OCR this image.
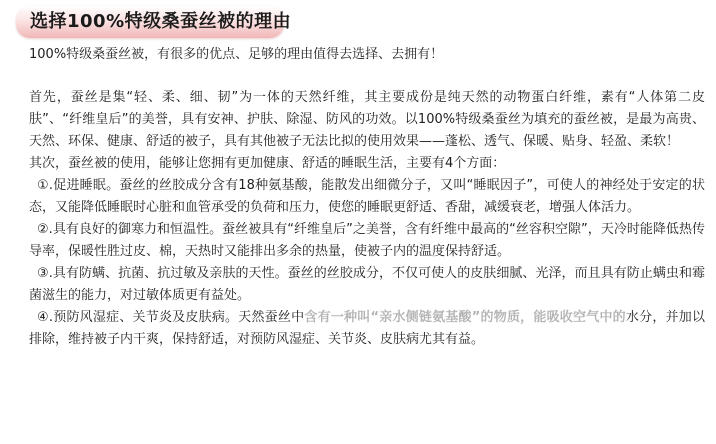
选择100%特级桑蚕丝被的理由

100%特级桑蚕丝被，有很多的优点、足够的理由值得去选择、去拥有！

首先，蚕丝是集“轻、柔、细、韧”为一体的天然纤维，其主要成份是纯天然的动物蛋白纤维，素有“人体第二皮肤”、“纤维皇后”的美誉，具有安神、护肤、除湿、防风的功效。以100%特级桑蚕丝为填充的蚕丝被，是最为高贵、天然、环保、健康、舒适的被子，具有其他被子无法比拟的使用效果——蓬松、透气、保暖、贴身、轻盈、柔软！

其次，蚕丝被的使用，能够让您拥有更加健康、舒适的睡眠生活，主要有4个方面：

①.促进睡眠。蚕丝的丝胶成分含有18种氨基酸，能散发出细微分子，又叫“睡眠因子”，可使人的神经处于安定的状态，又能降低睡眠时心脏和血管承受的负荷和压力，使您的睡眠更舒适、香甜，减缓衰老，增强人体活力。

②.具有良好的御寒力和恒温性。蚕丝被具有“纤维皇后”之美誉，含有纤维中最高的“丝容积空隙”，天冷时能降低热传导率，保暖性胜过皮、棉，天热时又能排出多余的热量，使被子内的温度保持舒适。

③.具有防螨、抗菌、抗过敏及亲肤的天性。蚕丝的丝胶成分，不仅可使人的皮肤细腻、光泽，而且具有防止螨虫和霉菌滋生的能力，对过敏体质更有益处。

④.预防风湿症、关节炎及皮肤病。天然蚕丝中含有一种叫“亲水侧链氨基酸”的物质，能吸收空气中的水分，并加以排除，维持被子内干爽，保持舒适，对预防风湿症、关节炎、皮肤病尤其有益。
